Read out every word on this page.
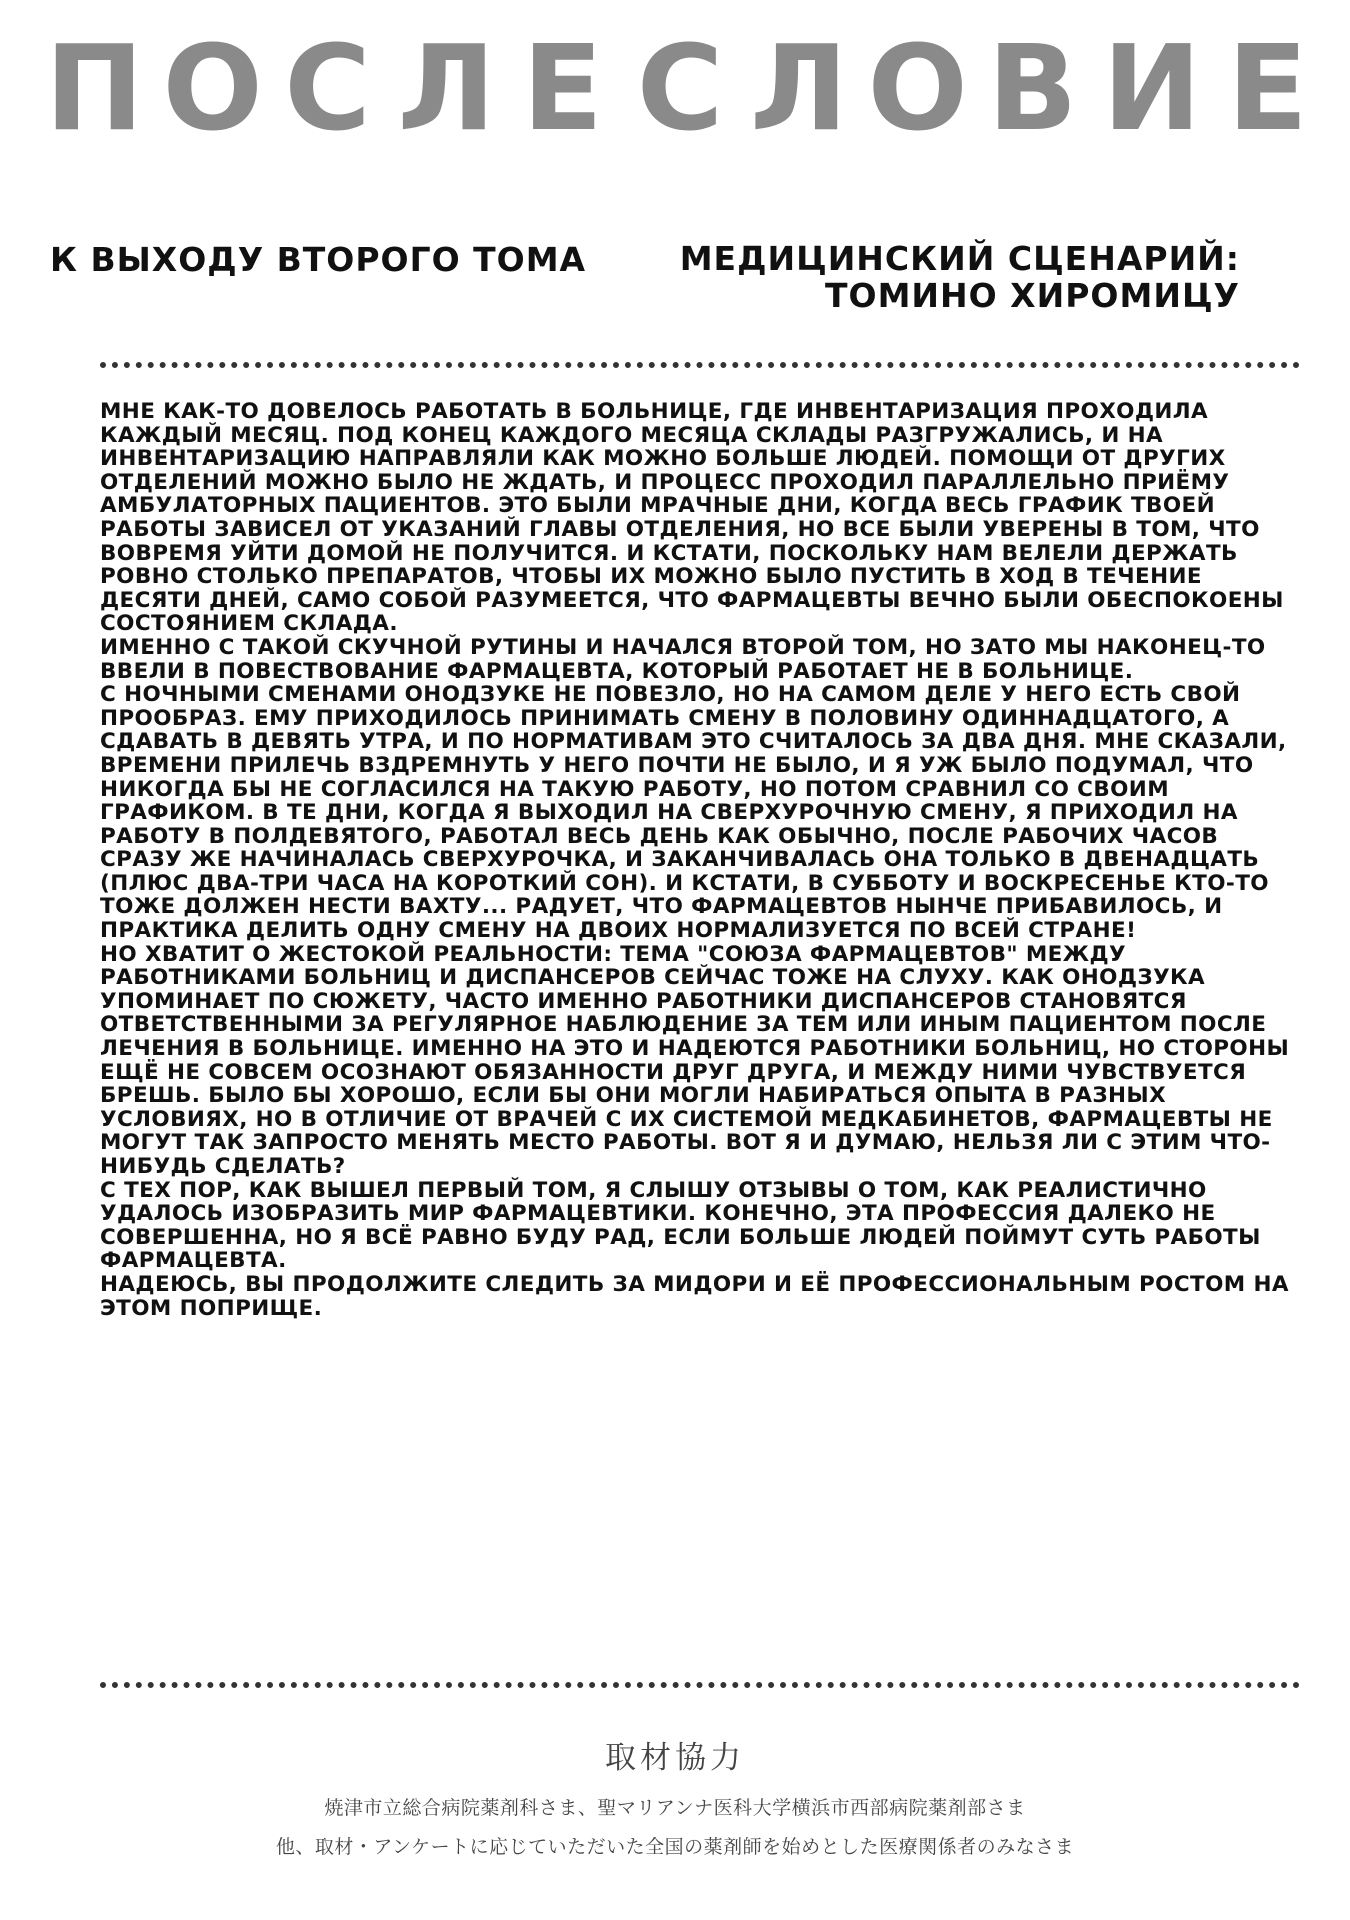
П О С Л Е С Л О В И Е
К ВЫХОДУ ВТОРОГО ТОМА	МЕДИЦИНСКИЙ СЦЕНАРИЙ:
ТОМИНО ХИРОМИЦУ

МНЕ КАК-ТО ДОВЕЛОСЬ РАБОТАТЬ В БОЛЬНИЦЕ, ГДЕ ИНВЕНТАРИЗАЦИЯ ПРОХОДИЛА КАЖДЫЙ МЕСЯЦ. ПОД КОНЕЦ КАЖДОГО МЕСЯЦА СКЛАДЫ РАЗГРУЖАЛИСЬ, И НА ИНВЕНТАРИЗАЦИЮ НАПРАВЛЯЛИ КАК МОЖНО БОЛЬШЕ ЛЮДЕЙ. ПОМОЩИ ОТ ДРУГИХ ОТДЕЛЕНИЙ МОЖНО БЫЛО НЕ ЖДАТЬ, И ПРОЦЕСС ПРОХОДИЛ ПАРАЛЛЕЛЬНО ПРИЁМУ АМБУЛАТОРНЫХ ПАЦИЕНТОВ. ЭТО БЫЛИ МРАЧНЫЕ ДНИ, КОГДА ВЕСЬ ГРАФИК ТВОЕЙ РАБОТЫ ЗАВИСЕЛ ОТ УКАЗАНИЙ ГЛАВЫ ОТДЕЛЕНИЯ, НО ВСЕ БЫЛИ УВЕРЕНЫ В ТОМ, ЧТО ВОВРЕМЯ УЙТИ ДОМОЙ НЕ ПОЛУЧИТСЯ. И КСТАТИ, ПОСКОЛЬКУ НАМ ВЕЛЕЛИ ДЕРЖАТЬ РОВНО СТОЛЬКО ПРЕПАРАТОВ, ЧТОБЫ ИХ МОЖНО БЫЛО ПУСТИТЬ В ХОД В ТЕЧЕНИЕ ДЕСЯТИ ДНЕЙ, САМО СОБОЙ РАЗУМЕЕТСЯ, ЧТО ФАРМАЦЕВТЫ ВЕЧНО БЫЛИ ОБЕСПОКОЕНЫ СОСТОЯНИЕМ СКЛАДА.

ИМЕННО С ТАКОЙ СКУЧНОЙ РУТИНЫ И НАЧАЛСЯ ВТОРОЙ ТОМ, НО ЗАТО МЫ НАКОНЕЦ-ТО ВВЕЛИ В ПОВЕСТВОВАНИЕ ФАРМАЦЕВТА, КОТОРЫЙ РАБОТАЕТ НЕ В БОЛЬНИЦЕ.

С НОЧНЫМИ СМЕНАМИ ОНОДЗУКЕ НЕ ПОВЕЗЛО, НО НА САМОМ ДЕЛЕ У НЕГО ЕСТЬ СВОЙ ПРООБРАЗ. ЕМУ ПРИХОДИЛОСЬ ПРИНИМАТЬ СМЕНУ В ПОЛОВИНУ ОДИННАДЦАТОГО, А СДАВАТЬ В ДЕВЯТЬ УТРА, И ПО НОРМАТИВАМ ЭТО СЧИТАЛОСЬ ЗА ДВА ДНЯ. МНЕ СКАЗАЛИ, ВРЕМЕНИ ПРИЛЕЧЬ ВЗДРЕМНУТЬ У НЕГО ПОЧТИ НЕ БЫЛО, И Я УЖ БЫЛО ПОДУМАЛ, ЧТО НИКОГДА БЫ НЕ СОГЛАСИЛСЯ НА ТАКУЮ РАБОТУ, НО ПОТОМ СРАВНИЛ СО СВОИМ ГРАФИКОМ. В ТЕ ДНИ, КОГДА Я ВЫХОДИЛ НА СВЕРХУРОЧНУЮ СМЕНУ, Я ПРИХОДИЛ НА РАБОТУ В ПОЛДЕВЯТОГО, РАБОТАЛ ВЕСЬ ДЕНЬ КАК ОБЫЧНО, ПОСЛЕ РАБОЧИХ ЧАСОВ СРАЗУ ЖЕ НАЧИНАЛАСЬ СВЕРХУРОЧКА, И ЗАКАНЧИВАЛАСЬ ОНА ТОЛЬКО В ДВЕНАДЦАТЬ (ПЛЮС ДВА-ТРИ ЧАСА НА КОРОТКИЙ СОН). И КСТАТИ, В СУББОТУ И ВОСКРЕСЕНЬЕ КТО-ТО ТОЖЕ ДОЛЖЕН НЕСТИ ВАХТУ... РАДУЕТ, ЧТО ФАРМАЦЕВТОВ НЫНЧЕ ПРИБАВИЛОСЬ, И ПРАКТИКА ДЕЛИТЬ ОДНУ СМЕНУ НА ДВОИХ НОРМАЛИЗУЕТСЯ ПО ВСЕЙ СТРАНЕ!

НО ХВАТИТ О ЖЕСТОКОЙ РЕАЛЬНОСТИ: ТЕМА "СОЮЗА ФАРМАЦЕВТОВ" МЕЖДУ РАБОТНИКАМИ БОЛЬНИЦ И ДИСПАНСЕРОВ СЕЙЧАС ТОЖЕ НА СЛУХУ. КАК ОНОДЗУКА УПОМИНАЕТ ПО СЮЖЕТУ, ЧАСТО ИМЕННО РАБОТНИКИ ДИСПАНСЕРОВ СТАНОВЯТСЯ ОТВЕТСТВЕННЫМИ ЗА РЕГУЛЯРНОЕ НАБЛЮДЕНИЕ ЗА ТЕМ ИЛИ ИНЫМ ПАЦИЕНТОМ ПОСЛЕ ЛЕЧЕНИЯ В БОЛЬНИЦЕ. ИМЕННО НА ЭТО И НАДЕЮТСЯ РАБОТНИКИ БОЛЬНИЦ, НО СТОРОНЫ ЕЩЁ НЕ СОВСЕМ ОСОЗНАЮТ ОБЯЗАННОСТИ ДРУГ ДРУГА, И МЕЖДУ НИМИ ЧУВСТВУЕТСЯ БРЕШЬ. БЫЛО БЫ ХОРОШО, ЕСЛИ БЫ ОНИ МОГЛИ НАБИРАТЬСЯ ОПЫТА В РАЗНЫХ УСЛОВИЯХ, НО В ОТЛИЧИЕ ОТ ВРАЧЕЙ С ИХ СИСТЕМОЙ МЕДКАБИНЕТОВ, ФАРМАЦЕВТЫ НЕ МОГУТ ТАК ЗАПРОСТО МЕНЯТЬ МЕСТО РАБОТЫ. ВОТ Я И ДУМАЮ, НЕЛЬЗЯ ЛИ С ЭТИМ ЧТО-НИБУДЬ СДЕЛАТЬ?

С ТЕХ ПОР, КАК ВЫШЕЛ ПЕРВЫЙ ТОМ, Я СЛЫШУ ОТЗЫВЫ О ТОМ, КАК РЕАЛИСТИЧНО УДАЛОСЬ ИЗОБРАЗИТЬ МИР ФАРМАЦЕВТИКИ. КОНЕЧНО, ЭТА ПРОФЕССИЯ ДАЛЕКО НЕ СОВЕРШЕННА, НО Я ВСЁ РАВНО БУДУ РАД, ЕСЛИ БОЛЬШЕ ЛЮДЕЙ ПОЙМУТ СУТЬ РАБОТЫ ФАРМАЦЕВТА.

НАДЕЮСЬ, ВЫ ПРОДОЛЖИТЕ СЛЕДИТЬ ЗА МИДОРИ И ЕЁ ПРОФЕССИОНАЛЬНЫМ РОСТОМ НА ЭТОМ ПОПРИЩЕ.

取材協力
焼津市立総合病院薬剤科さま、聖マリアンナ医科大学横浜市西部病院薬剤部さま
他、取材・アンケートに応じていただいた全国の薬剤師を始めとした医療関係者のみなさま
